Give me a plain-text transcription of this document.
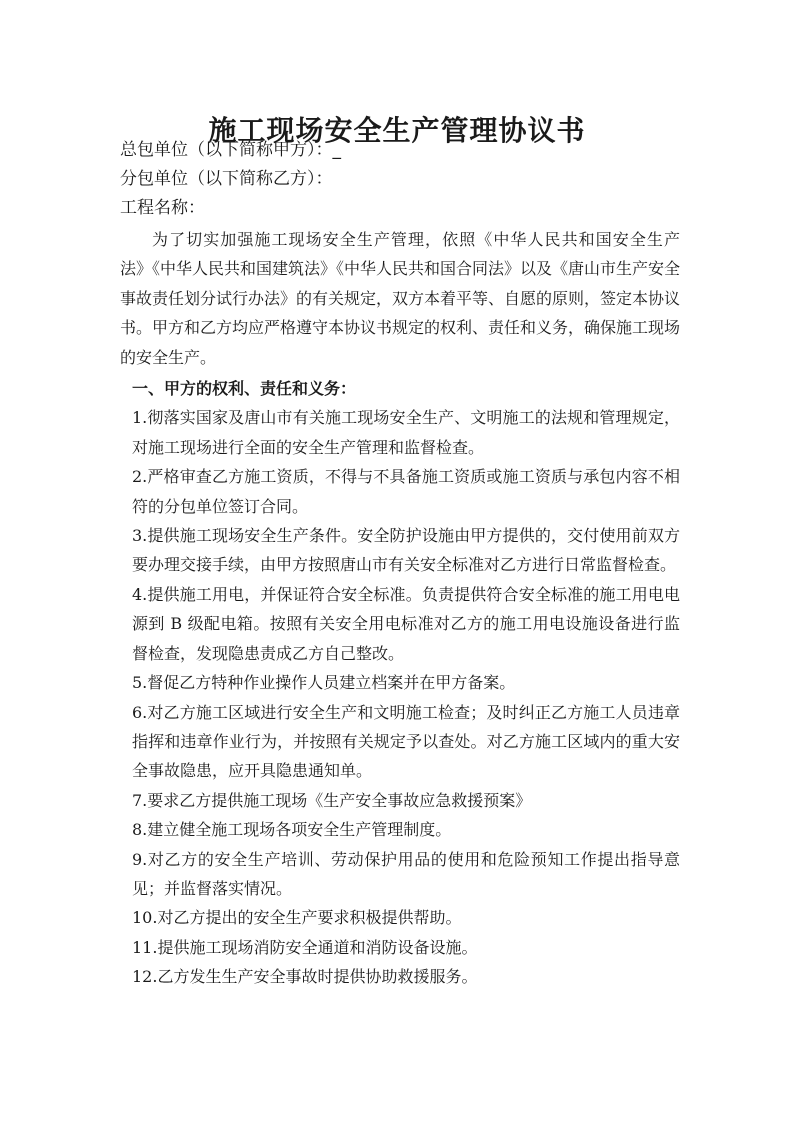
施工现场安全生产管理协议书

总包单位（以下简称甲方）：_

分包单位（以下简称乙方）：

工程名称：

为了切实加强施工现场安全生产管理，依照《中华人民共和国安全生产法》《中华人民共和国建筑法》《中华人民共和国合同法》以及《唐山市生产安全事故责任划分试行办法》的有关规定，双方本着平等、自愿的原则，签定本协议书。甲方和乙方均应严格遵守本协议书规定的权利、责任和义务，确保施工现场的安全生产。

一、甲方的权利、责任和义务：

1.彻落实国家及唐山市有关施工现场安全生产、文明施工的法规和管理规定，对施工现场进行全面的安全生产管理和监督检查。
2.严格审查乙方施工资质，不得与不具备施工资质或施工资质与承包内容不相符的分包单位签订合同。
3.提供施工现场安全生产条件。安全防护设施由甲方提供的，交付使用前双方要办理交接手续，由甲方按照唐山市有关安全标准对乙方进行日常监督检查。
4.提供施工用电，并保证符合安全标准。负责提供符合安全标准的施工用电电源到 B 级配电箱。按照有关安全用电标准对乙方的施工用电设施设备进行监督检查，发现隐患责成乙方自己整改。
5.督促乙方特种作业操作人员建立档案并在甲方备案。
6.对乙方施工区域进行安全生产和文明施工检查；及时纠正乙方施工人员违章指挥和违章作业行为，并按照有关规定予以查处。对乙方施工区域内的重大安全事故隐患，应开具隐患通知单。
7.要求乙方提供施工现场《生产安全事故应急救援预案》
8.建立健全施工现场各项安全生产管理制度。
9.对乙方的安全生产培训、劳动保护用品的使用和危险预知工作提出指导意见；并监督落实情况。
10.对乙方提出的安全生产要求积极提供帮助。
11.提供施工现场消防安全通道和消防设备设施。
12.乙方发生生产安全事故时提供协助救援服务。
